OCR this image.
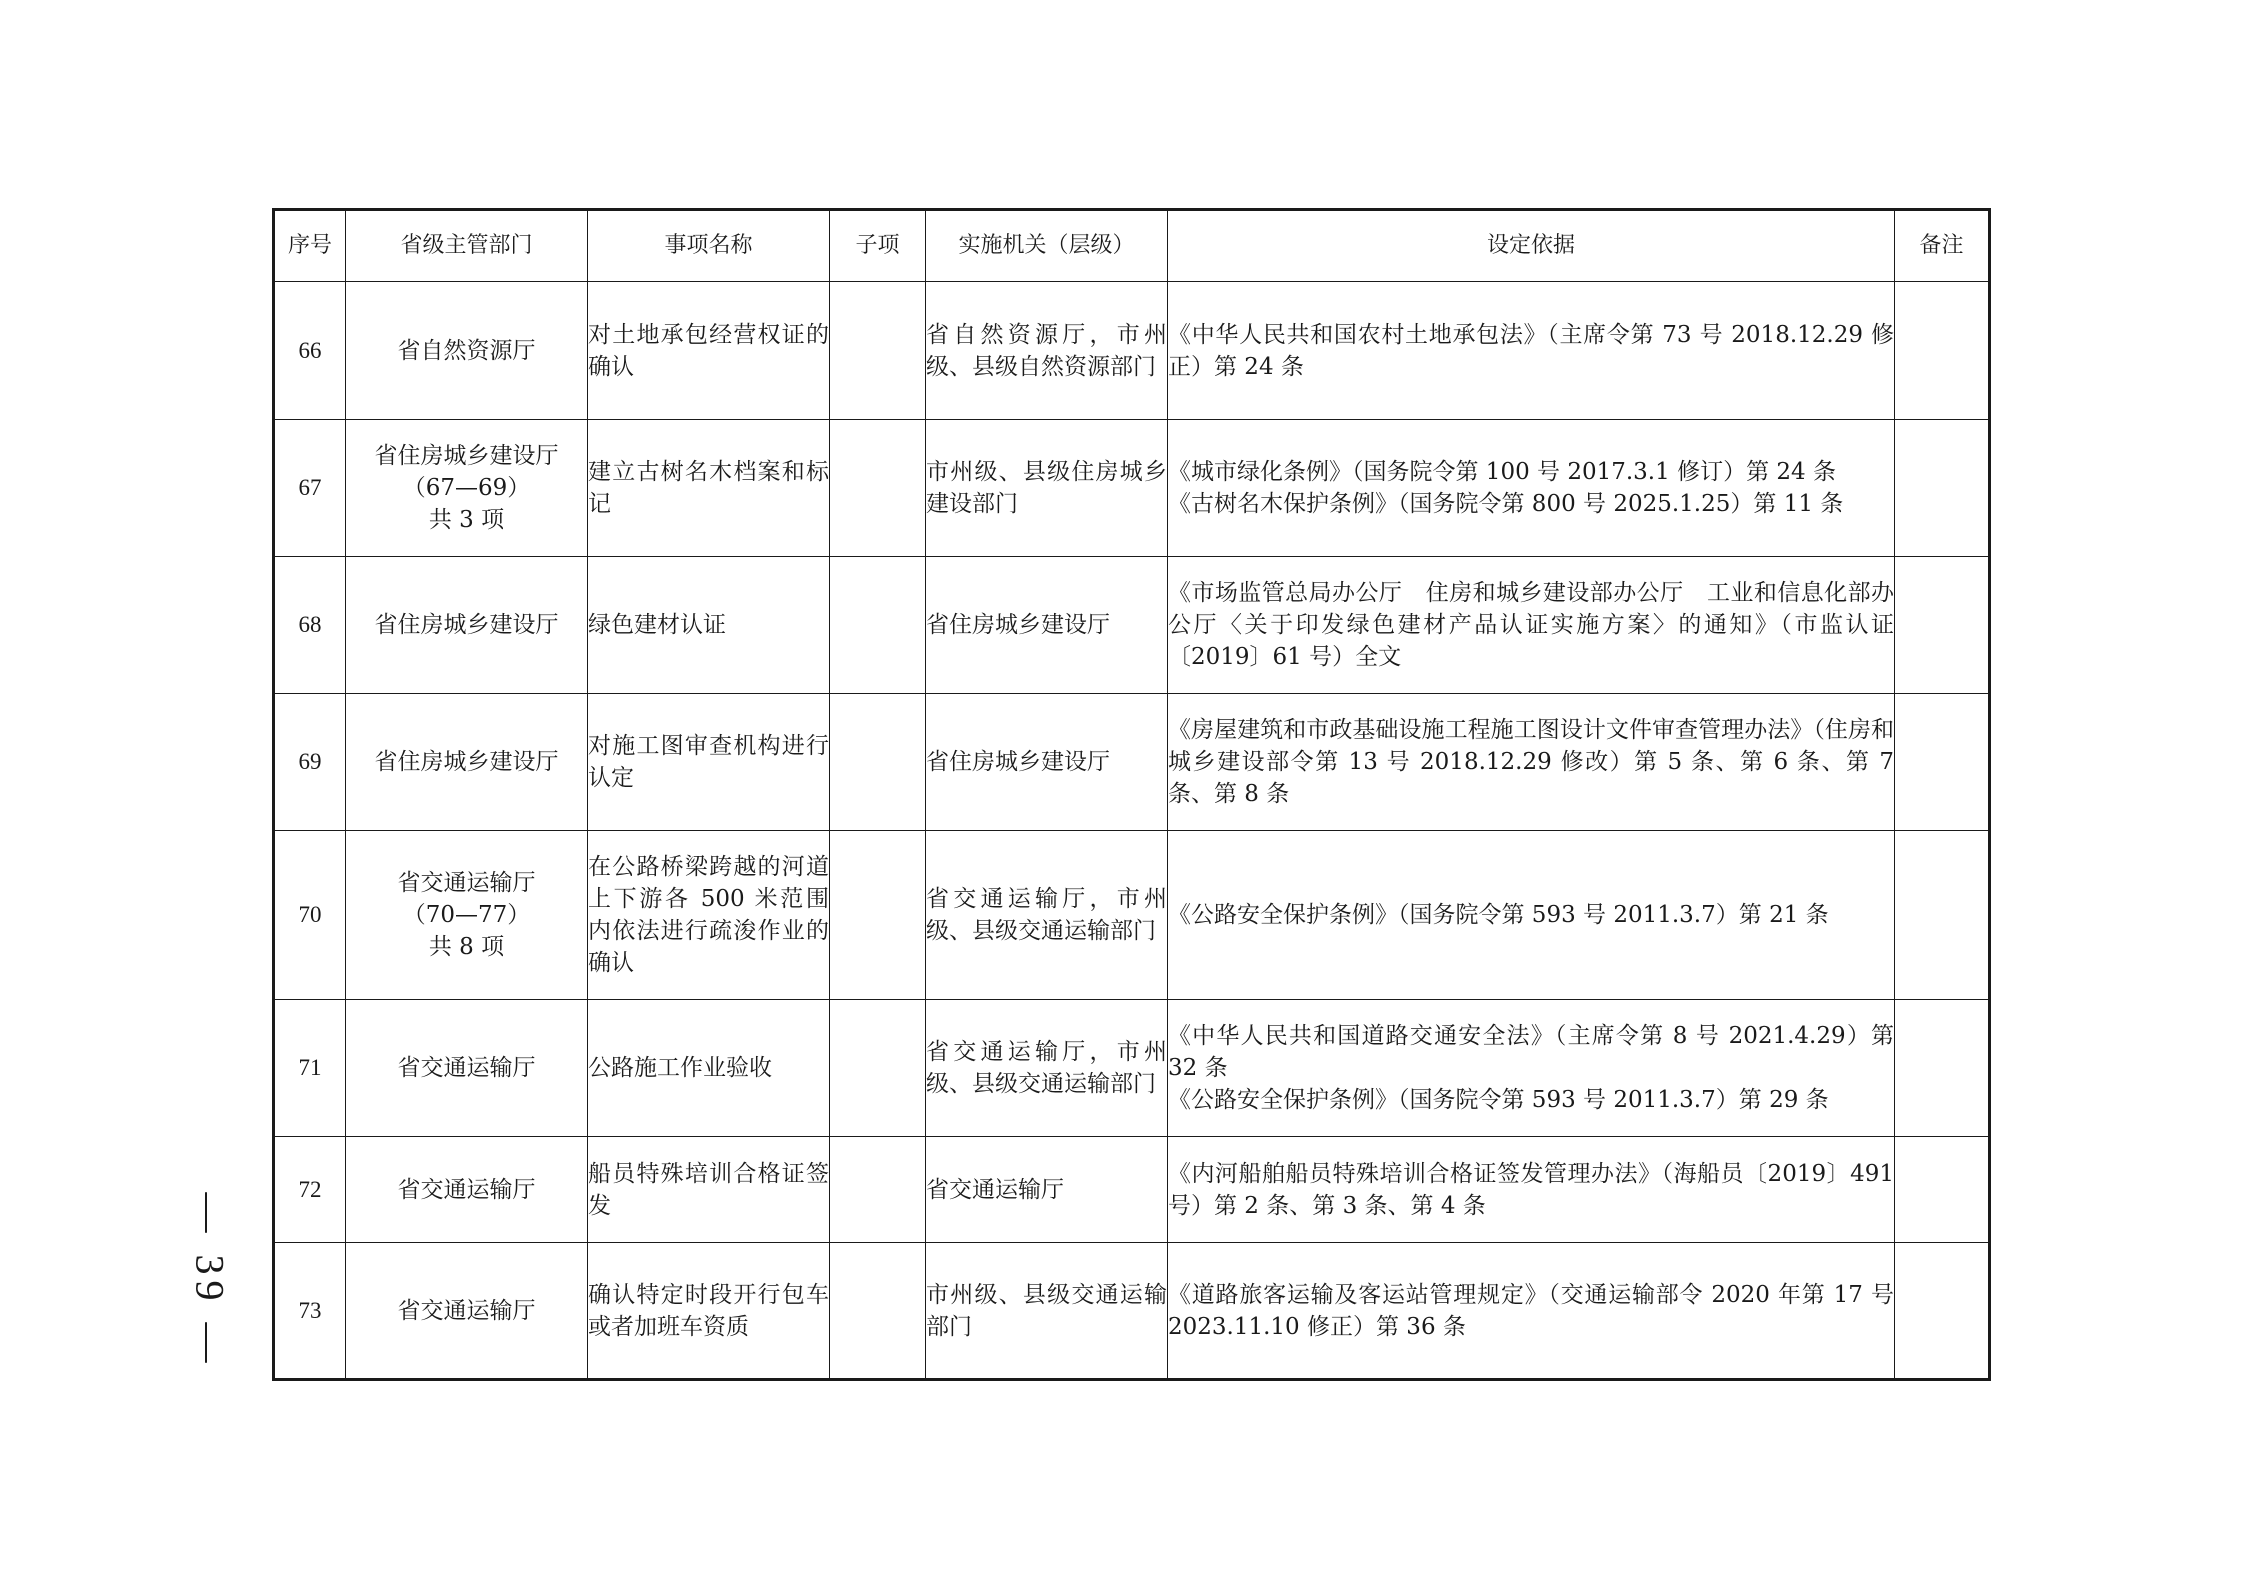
— 39 —
序号	省级主管部门	事项名称	子项	实施机关（层级）	设定依据	备注
66	省自然资源厅	对土地承包经营权证的确认		省自然资源厅，市州级、县级自然资源部门	《中华人民共和国农村土地承包法》（主席令第 73 号 2018.12.29 修正）第 24 条	

67	省住房城乡建设厅
（67—69）
共 3 项	建立古树名木档案和标记		市州级、县级住房城乡建设部门	《城市绿化条例》（国务院令第 100 号 2017.3.1 修订）第 24 条
《古树名木保护条例》（国务院令第 800 号 2025.1.25）第 11 条	

68	省住房城乡建设厅	绿色建材认证		省住房城乡建设厅	《市场监管总局办公厅　住房和城乡建设部办公厅　工业和信息化部办公厅〈关于印发绿色建材产品认证实施方案〉的通知》（市监认证〔2019〕61 号）全文	

69	省住房城乡建设厅	对施工图审查机构进行认定		省住房城乡建设厅	《房屋建筑和市政基础设施工程施工图设计文件审查管理办法》（住房和城乡建设部令第 13 号 2018.12.29 修改）第 5 条、第 6 条、第 7 条、第 8 条	

70	省交通运输厅
（70—77）
共 8 项	在公路桥梁跨越的河道上下游各 500 米范围内依法进行疏浚作业的确认		省交通运输厅，市州级、县级交通运输部门	《公路安全保护条例》（国务院令第 593 号 2011.3.7）第 21 条	

71	省交通运输厅	公路施工作业验收		省交通运输厅，市州级、县级交通运输部门	《中华人民共和国道路交通安全法》（主席令第 8 号 2021.4.29）第 32 条
《公路安全保护条例》（国务院令第 593 号 2011.3.7）第 29 条	

72	省交通运输厅	船员特殊培训合格证签发		省交通运输厅	《内河船舶船员特殊培训合格证签发管理办法》（海船员〔2019〕491 号）第 2 条、第 3 条、第 4 条	

73	省交通运输厅	确认特定时段开行包车或者加班车资质		市州级、县级交通运输部门	《道路旅客运输及客运站管理规定》（交通运输部令 2020 年第 17 号 2023.11.10 修正）第 36 条	
